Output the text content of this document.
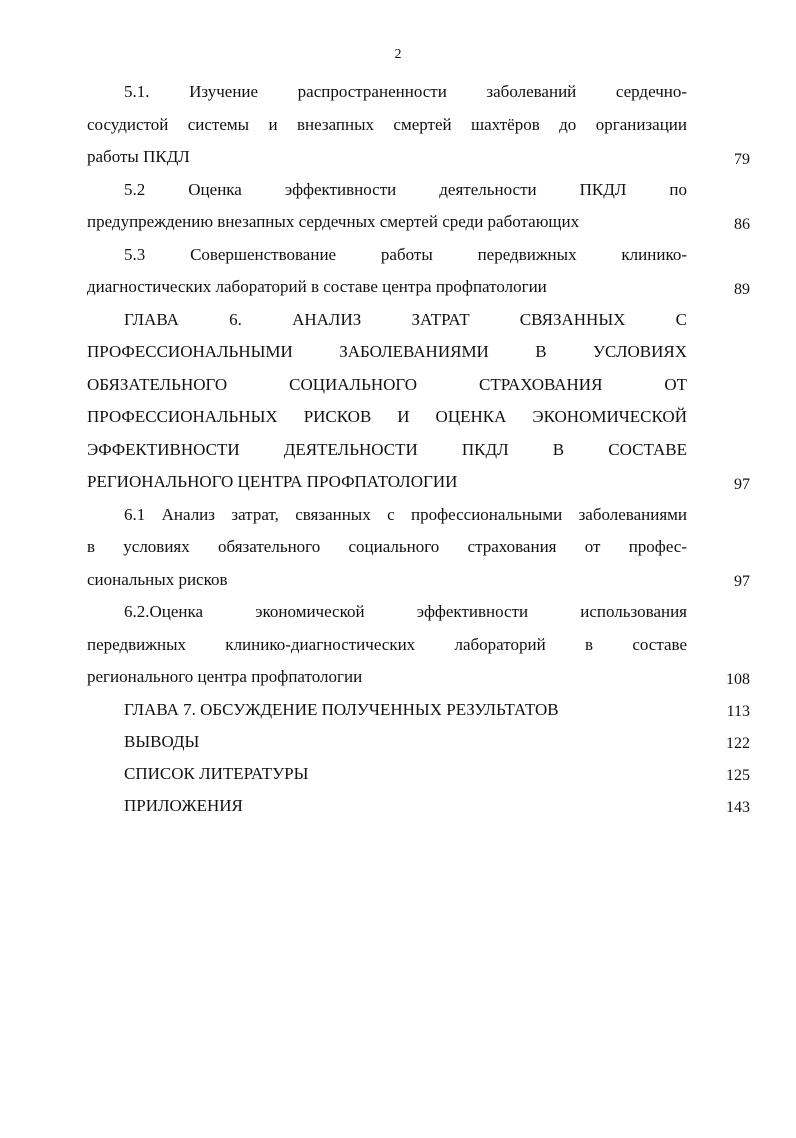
2
5.1. Изучение распространенности заболеваний сердечно-
сосудистой системы и внезапных смертей шахтёров до организации
работы ПКДЛ	79
5.2 Оценка эффективности деятельности ПКДЛ по
предупреждению внезапных сердечных смертей среди работающих	86
5.3 Совершенствование работы передвижных клинико-
диагностических лабораторий в составе центра профпатологии	89
ГЛАВА 6. АНАЛИЗ ЗАТРАТ СВЯЗАННЫХ С
ПРОФЕССИОНАЛЬНЫМИ ЗАБОЛЕВАНИЯМИ В УСЛОВИЯХ
ОБЯЗАТЕЛЬНОГО СОЦИАЛЬНОГО СТРАХОВАНИЯ ОТ
ПРОФЕССИОНАЛЬНЫХ РИСКОВ И ОЦЕНКА ЭКОНОМИЧЕСКОЙ
ЭФФЕКТИВНОСТИ ДЕЯТЕЛЬНОСТИ ПКДЛ В СОСТАВЕ
РЕГИОНАЛЬНОГО ЦЕНТРА ПРОФПАТОЛОГИИ	97
6.1 Анализ затрат, связанных с профессиональными заболеваниями
в условиях обязательного социального страхования от профес-
сиональных рисков	97
6.2.Оценка экономической эффективности использования
передвижных клинико-диагностических лабораторий в составе
регионального центра профпатологии	108
ГЛАВА 7. ОБСУЖДЕНИЕ ПОЛУЧЕННЫХ РЕЗУЛЬТАТОВ	113
ВЫВОДЫ	122
СПИСОК ЛИТЕРАТУРЫ	125
ПРИЛОЖЕНИЯ	143
